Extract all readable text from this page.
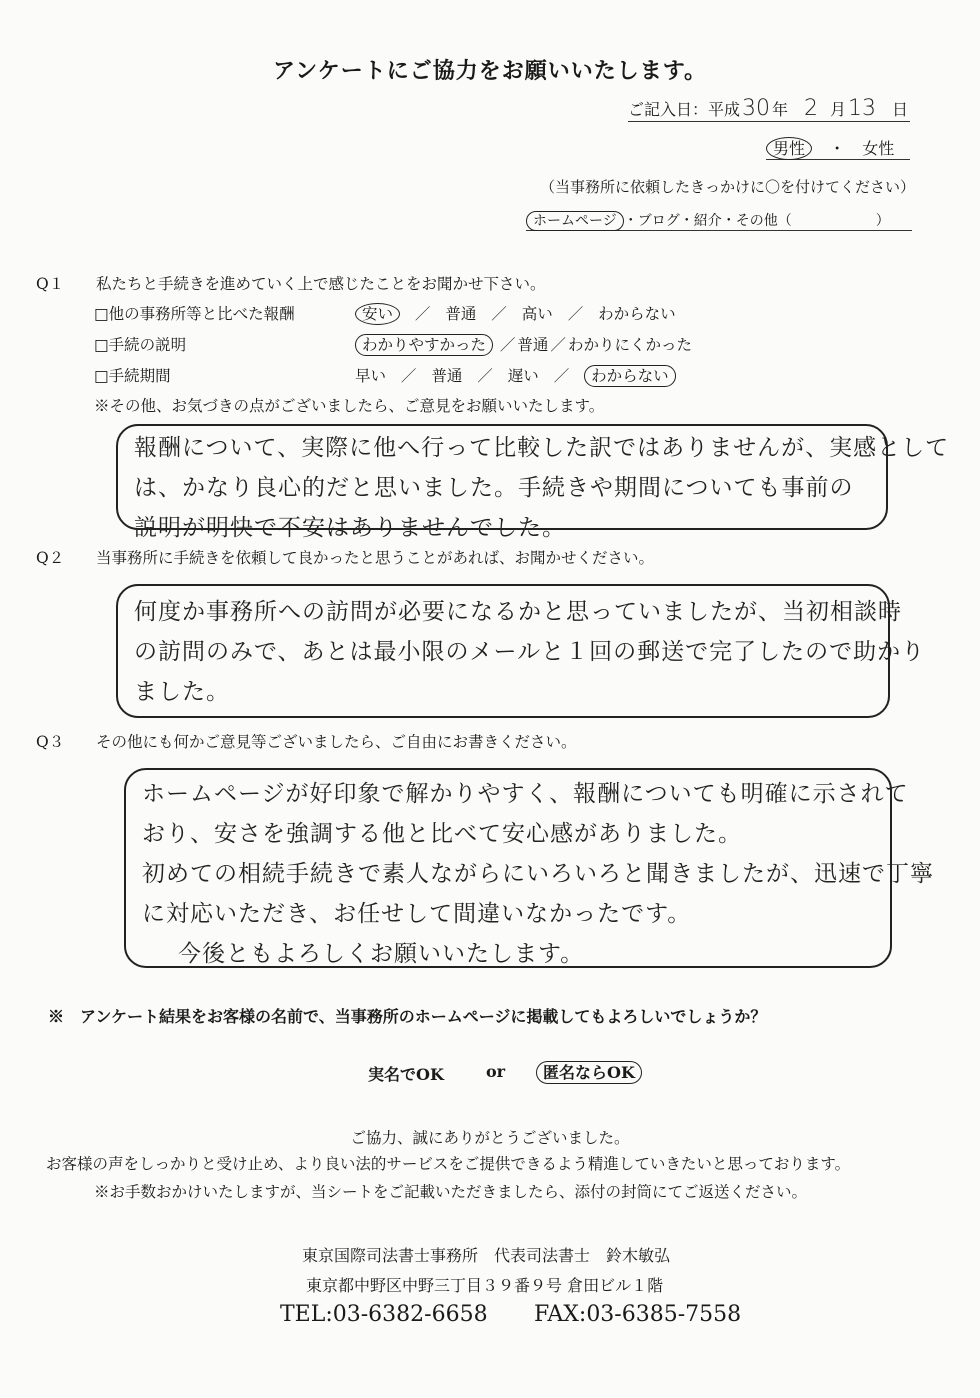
アンケートにご協力をお願いいたします。
ご記入日：平成30 年 2 月13 日
男性 ・ 女性
（当事務所に依頼したきっかけに〇を付けてください）
ホームページ ・ブログ・紹介・その他（　　　　　　）
Q１ 私たちと手続きを進めていく上で感じたことをお聞かせ下さい。
□他の事務所等と比べた報酬	安い ／ 普通 ／ 高い ／ わからない
□手続の説明	わかりやすかった ／ 普通 ／ わかりにくかった
□手続期間	早い ／ 普通 ／ 遅い ／ わからない
※その他、お気づきの点がございましたら、ご意見をお願いいたします。
報酬について、実際に他へ行って比較した訳ではありませんが、実感として
は、かなり良心的だと思いました。手続きや期間についても事前の
説明が明快で不安はありませんでした。
Q２ 当事務所に手続きを依頼して良かったと思うことがあれば、お聞かせください。
何度か事務所への訪問が必要になるかと思っていましたが、当初相談時
の訪問のみで、あとは最小限のメールと１回の郵送で完了したので助かり
ました。
Q３ その他にも何かご意見等ございましたら、ご自由にお書きください。
ホームページが好印象で解かりやすく、報酬についても明確に示されて
おり、安さを強調する他と比べて安心感がありました。
初めての相続手続きで素人ながらにいろいろと聞きましたが、迅速で丁寧
に対応いただき、お任せして間違いなかったです。
今後ともよろしくお願いいたします。
※　アンケート結果をお客様の名前で、当事務所のホームページに掲載してもよろしいでしょうか？
実名でOK	or	匿名ならOK
ご協力、誠にありがとうございました。
お客様の声をしっかりと受け止め、より良い法的サービスをご提供できるよう精進していきたいと思っております。
※お手数おかけいたしますが、当シートをご記載いただきましたら、添付の封筒にてご返送ください。
東京国際司法書士事務所　代表司法書士　鈴木敏弘
東京都中野区中野三丁目３９番９号 倉田ビル１階
TEL:03-6382-6658 FAX:03-6385-7558
